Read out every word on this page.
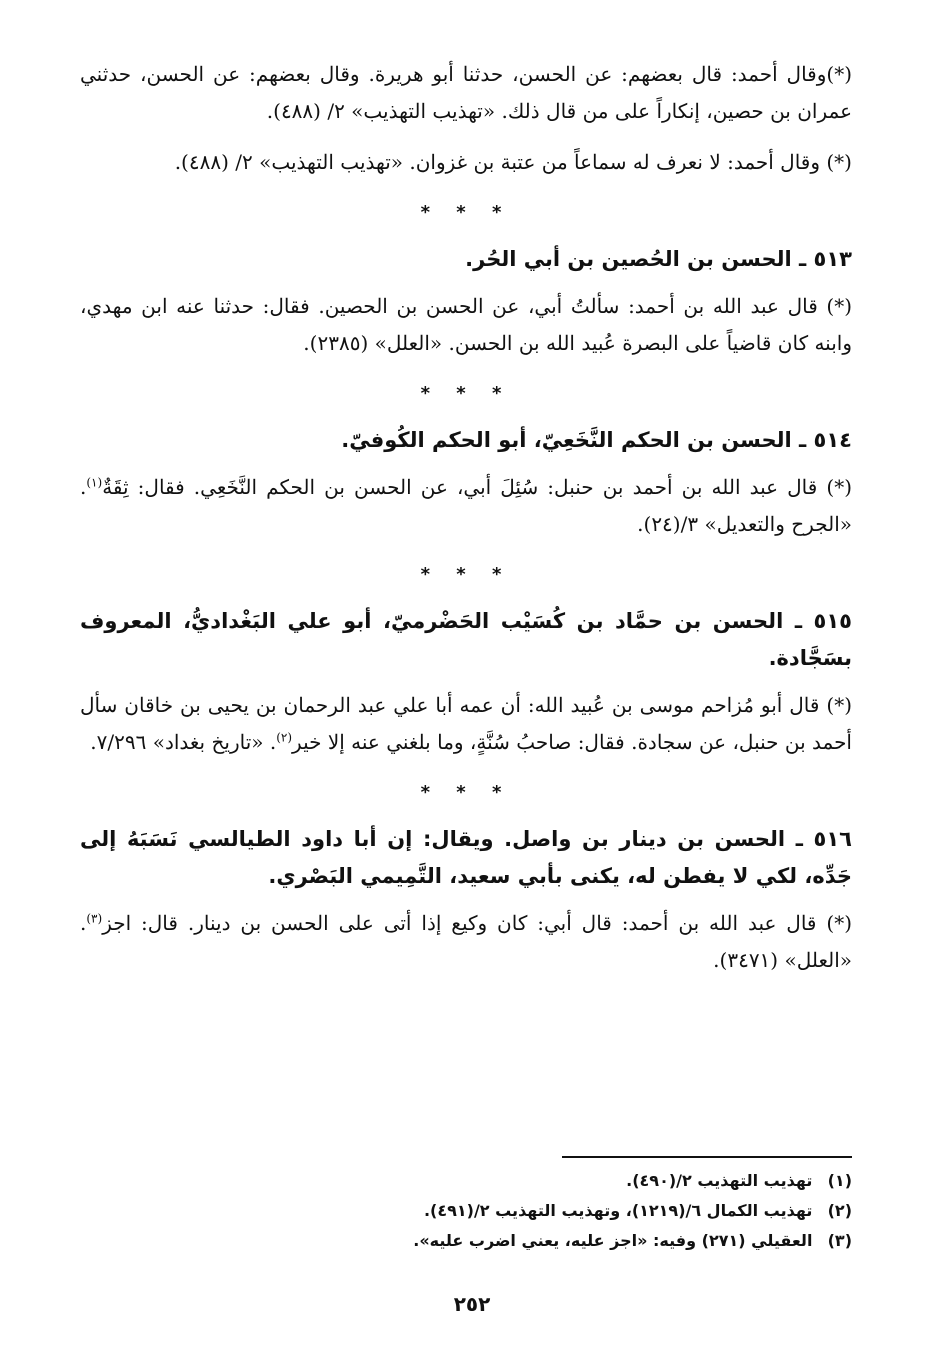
(*)وقال أحمد: قال بعضهم: عن الحسن، حدثنا أبو هريرة. وقال بعضهم: عن الحسن، حدثني عمران بن حصين، إنكاراً على من قال ذلك. «تهذيب التهذيب» ٢/ (٤٨٨).

(*) وقال أحمد: لا نعرف له سماعاً من عتبة بن غزوان. «تهذيب التهذيب» ٢/ (٤٨٨).

* * *

٥١٣ ـ الحسن بن الحُصين بن أبي الحُر.

(*) قال عبد الله بن أحمد: سألتُ أبي، عن الحسن بن الحصين. فقال: حدثنا عنه ابن مهدي، وابنه كان قاضياً على البصرة عُبيد الله بن الحسن. «العلل» (٢٣٨٥).

* * *

٥١٤ ـ الحسن بن الحكم النَّخَعِيّ، أبو الحكم الكُوفيّ.

(*) قال عبد الله بن أحمد بن حنبل: سُئِلَ أبي، عن الحسن بن الحكم النَّخَعِي. فقال: ثِقَةٌ$^{(١)}$. «الجرح والتعديل» ٣/(٢٤).

* * *

٥١٥ ـ الحسن بن حمَّاد بن كُسَيْب الحَضْرميّ، أبو علي البَغْداديُّ، المعروف بسَجَّادة.

(*) قال أبو مُزاحم موسى بن عُبيد الله: أن عمه أبا علي عبد الرحمان بن يحيى بن خاقان سأل أحمد بن حنبل، عن سجادة. فقال: صاحبُ سُنَّةٍ، وما بلغني عنه إلا خير$^{(٢)}$. «تاريخ بغداد» ٧/٢٩٦.

* * *

٥١٦ ـ الحسن بن دينار بن واصل. ويقال: إن أبا داود الطيالسي نَسَبَهُ إلى جَدِّه، لكي لا يفطن له، يكنى بأبي سعيد، التَّمِيمي البَصْري.

(*) قال عبد الله بن أحمد: قال أبي: كان وكيع إذا أتى على الحسن بن دينار. قال: اجز$^{(٣)}$. «العلل» (٣٤٧١).

(١) تهذيب التهذيب ٢/(٤٩٠).
(٢) تهذيب الكمال ٦/(١٢١٩)، وتهذيب التهذيب ٢/(٤٩١).
(٣) العقيلي (٢٧١) وفيه: «اجز عليه، يعني اضرب عليه».
٢٥٢
